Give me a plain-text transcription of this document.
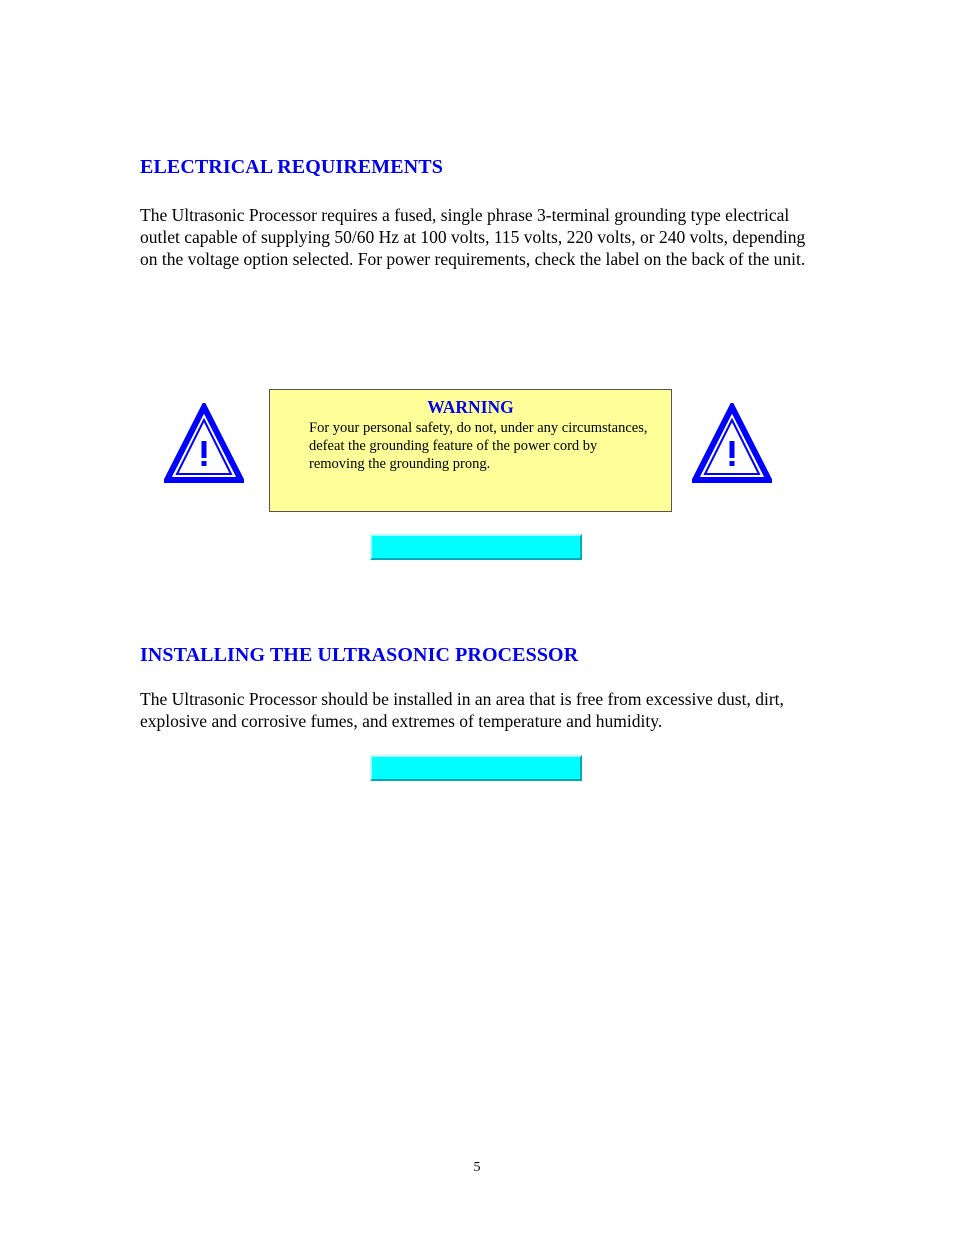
ELECTRICAL REQUIREMENTS

The Ultrasonic Processor requires a fused, single phrase 3-terminal grounding type electrical outlet capable of supplying 50/60 Hz at 100 volts, 115 volts, 220 volts, or 240 volts, depending on the voltage option selected. For power requirements, check the label on the back of the unit.

WARNING

For your personal safety, do not, under any circumstances, defeat the grounding feature of the power cord by removing the grounding prong.

INSTALLING THE ULTRASONIC PROCESSOR

The Ultrasonic Processor should be installed in an area that is free from excessive dust, dirt, explosive and corrosive fumes, and extremes of temperature and humidity.

5
